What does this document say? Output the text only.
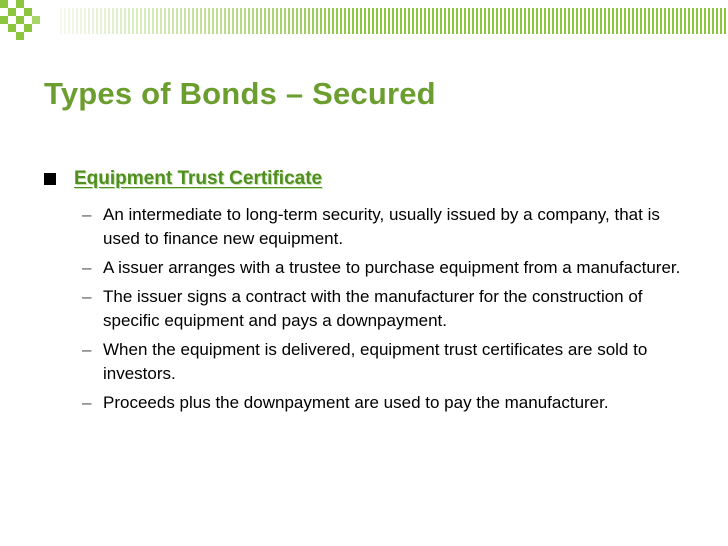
Types of Bonds – Secured
Equipment Trust Certificate
– An intermediate to long-term security, usually issued by a company, that is used to finance new equipment.
– A issuer arranges with a trustee to purchase equipment from a manufacturer.
– The issuer signs a contract with the manufacturer for the construction of specific equipment and pays a downpayment.
– When the equipment is delivered, equipment trust certificates are sold to investors.
– Proceeds plus the downpayment are used to pay the manufacturer.
